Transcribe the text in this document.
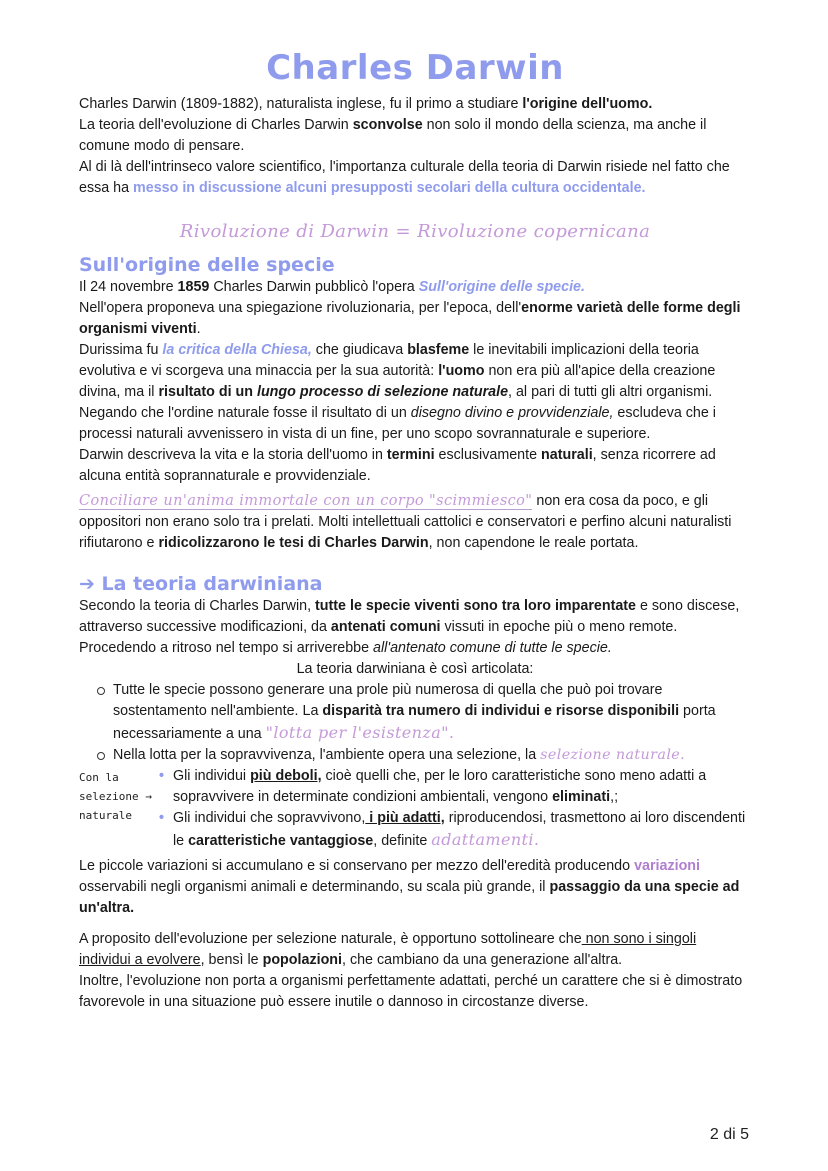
Charles Darwin

Charles Darwin (1809-1882), naturalista inglese, fu il primo a studiare l'origine dell'uomo.

La teoria dell'evoluzione di Charles Darwin sconvolse non solo il mondo della scienza, ma anche il comune modo di pensare.

Al di là dell'intrinseco valore scientifico, l'importanza culturale della teoria di Darwin risiede nel fatto che essa ha messo in discussione alcuni presupposti secolari della cultura occidentale.

Rivoluzione di Darwin = Rivoluzione copernicana
Sull'origine delle specie

Il 24 novembre 1859 Charles Darwin pubblicò l'opera Sull'origine delle specie.

Nell'opera proponeva una spiegazione rivoluzionaria, per l'epoca, dell'enorme varietà delle forme degli organismi viventi.

Durissima fu la critica della Chiesa, che giudicava blasfeme le inevitabili implicazioni della teoria evolutiva e vi scorgeva una minaccia per la sua autorità: l'uomo non era più all'apice della creazione divina, ma il risultato di un lungo processo di selezione naturale, al pari di tutti gli altri organismi.

Negando che l'ordine naturale fosse il risultato di un disegno divino e provvidenziale, escludeva che i processi naturali avvenissero in vista di un fine, per uno scopo sovrannaturale e superiore.

Darwin descriveva la vita e la storia dell'uomo in termini esclusivamente naturali, senza ricorrere ad alcuna entità soprannaturale e provvidenziale.

Conciliare un'anima immortale con un corpo "scimmiesco" non era cosa da poco, e gli oppositori non erano solo tra i prelati. Molti intellettuali cattolici e conservatori e perfino alcuni naturalisti rifiutarono e ridicolizzarono le tesi di Charles Darwin, non capendone le reale portata.

➔ La teoria darwiniana

Secondo la teoria di Charles Darwin, tutte le specie viventi sono tra loro imparentate e sono discese, attraverso successive modificazioni, da antenati comuni vissuti in epoche più o meno remote.

Procedendo a ritroso nel tempo si arriverebbe all'antenato comune di tutte le specie.

La teoria darwiniana è così articolata:

Tutte le specie possono generare una prole più numerosa di quella che può poi trovare sostentamento nell'ambiente. La disparità tra numero di individui e risorse disponibili porta necessariamente a una "lotta per l'esistenza".
Nella lotta per la sopravvivenza, l'ambiente opera una selezione, la selezione naturale.
Con la selezione → naturale
• Gli individui più deboli, cioè quelli che, per le loro caratteristiche sono meno adatti a sopravvivere in determinate condizioni ambientali, vengono eliminati,;
• Gli individui che sopravvivono, i più adatti, riproducendosi, trasmettono ai loro discendenti le caratteristiche vantaggiose, definite adattamenti.

Le piccole variazioni si accumulano e si conservano per mezzo dell'eredità producendo variazioni osservabili negli organismi animali e determinando, su scala più grande, il passaggio da una specie ad un'altra.

A proposito dell'evoluzione per selezione naturale, è opportuno sottolineare che non sono i singoli individui a evolvere, bensì le popolazioni, che cambiano da una generazione all'altra.

Inoltre, l'evoluzione non porta a organismi perfettamente adattati, perché un carattere che si è dimostrato favorevole in una situazione può essere inutile o dannoso in circostanze diverse.

2 di 5
